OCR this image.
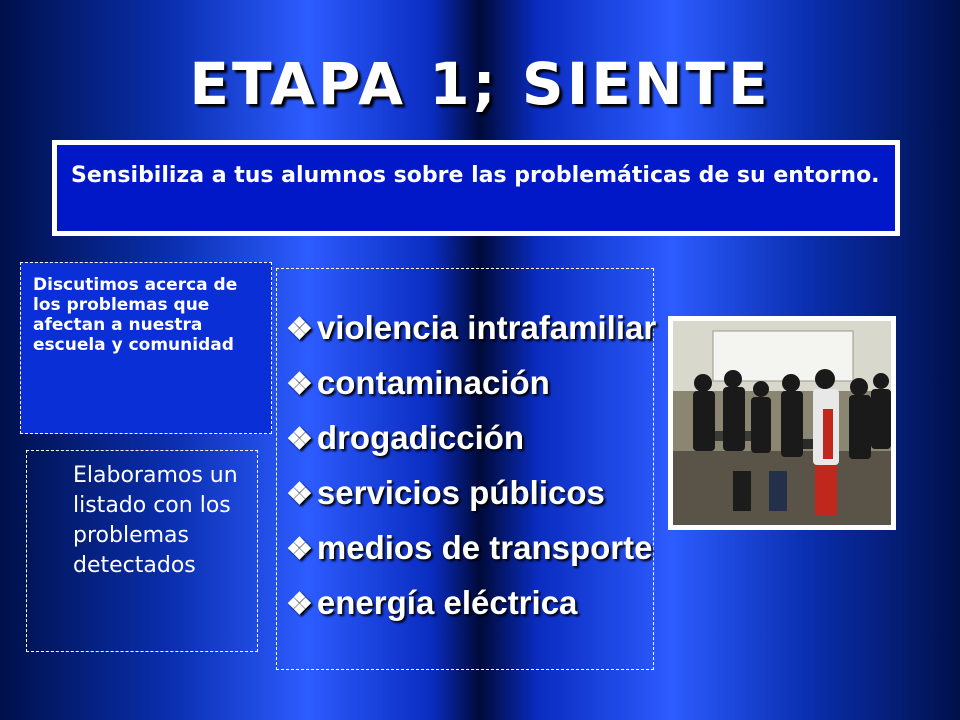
ETAPA 1; SIENTE
Sensibiliza a tus alumnos sobre las problemáticas de su entorno.
Discutimos acerca de los problemas que afectan a nuestra escuela y comunidad
Elaboramos un listado con los problemas detectados
❖ violencia intrafamiliar
❖ contaminación
❖ drogadicción
❖ servicios públicos
❖ medios de transporte
❖ energía eléctrica
